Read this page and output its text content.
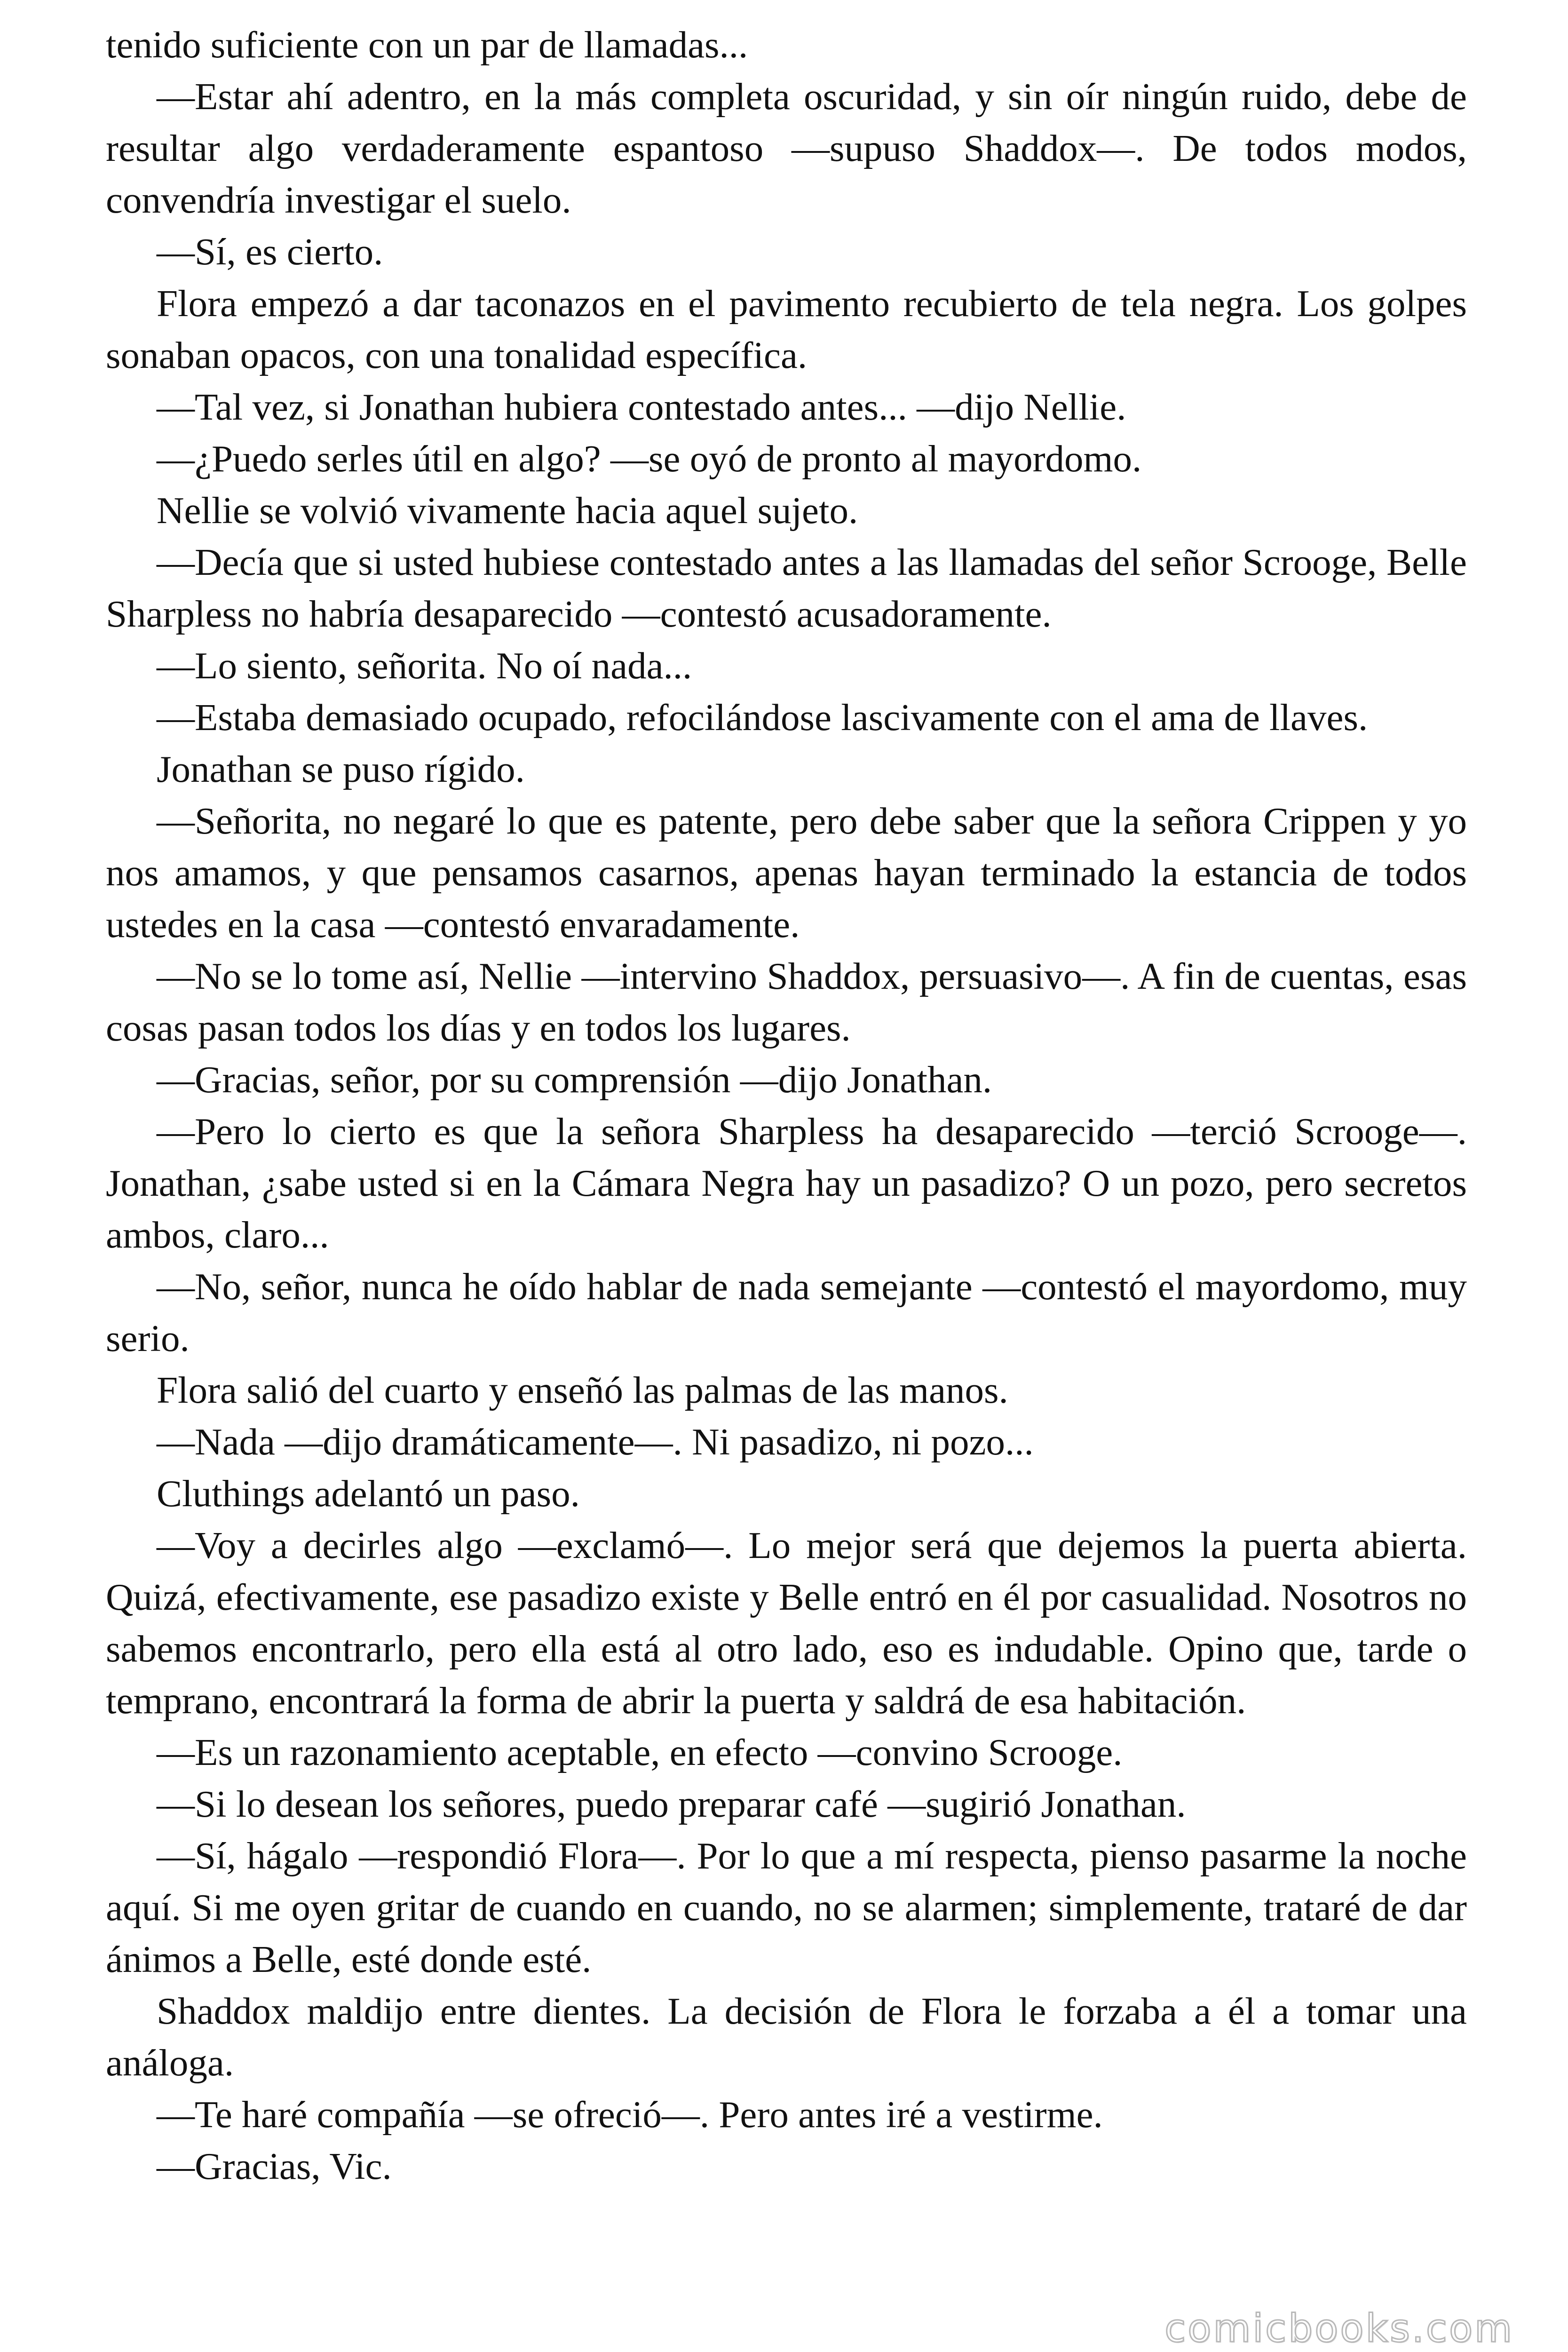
tenido suficiente con un par de llamadas...

—Estar ahí adentro, en la más completa oscuridad, y sin oír ningún ruido, debe de resultar algo verdaderamente espantoso —supuso Shaddox—. De todos modos, convendría investigar el suelo.

—Sí, es cierto.

Flora empezó a dar taconazos en el pavimento recubierto de tela negra. Los golpes sonaban opacos, con una tonalidad específica.

—Tal vez, si Jonathan hubiera contestado antes... —dijo Nellie.

—¿Puedo serles útil en algo? —se oyó de pronto al mayordomo.

Nellie se volvió vivamente hacia aquel sujeto.

—Decía que si usted hubiese contestado antes a las llamadas del señor Scrooge, Belle Sharpless no habría desaparecido —contestó acusadoramente.

—Lo siento, señorita. No oí nada...

—Estaba demasiado ocupado, refocilándose lascivamente con el ama de llaves.

Jonathan se puso rígido.

—Señorita, no negaré lo que es patente, pero debe saber que la señora Crippen y yo nos amamos, y que pensamos casarnos, apenas hayan terminado la estancia de todos ustedes en la casa —contestó envaradamente.

—No se lo tome así, Nellie —intervino Shaddox, persuasivo—. A fin de cuentas, esas cosas pasan todos los días y en todos los lugares.

—Gracias, señor, por su comprensión —dijo Jonathan.

—Pero lo cierto es que la señora Sharpless ha desaparecido —terció Scrooge—. Jonathan, ¿sabe usted si en la Cámara Negra hay un pasadizo? O un pozo, pero secretos ambos, claro...

—No, señor, nunca he oído hablar de nada semejante —contestó el mayordomo, muy serio.

Flora salió del cuarto y enseñó las palmas de las manos.

—Nada —dijo dramáticamente—. Ni pasadizo, ni pozo...

Cluthings adelantó un paso.

—Voy a decirles algo —exclamó—. Lo mejor será que dejemos la puerta abierta. Quizá, efectivamente, ese pasadizo existe y Belle entró en él por casualidad. Nosotros no sabemos encontrarlo, pero ella está al otro lado, eso es indudable. Opino que, tarde o temprano, encontrará la forma de abrir la puerta y saldrá de esa habitación.

—Es un razonamiento aceptable, en efecto —convino Scrooge.

—Si lo desean los señores, puedo preparar café —sugirió Jonathan.

—Sí, hágalo —respondió Flora—. Por lo que a mí respecta, pienso pasarme la noche aquí. Si me oyen gritar de cuando en cuando, no se alarmen; simplemente, trataré de dar ánimos a Belle, esté donde esté.

Shaddox maldijo entre dientes. La decisión de Flora le forzaba a él a tomar una análoga.

—Te haré compañía —se ofreció—. Pero antes iré a vestirme.

—Gracias, Vic.

comicbooks.com
